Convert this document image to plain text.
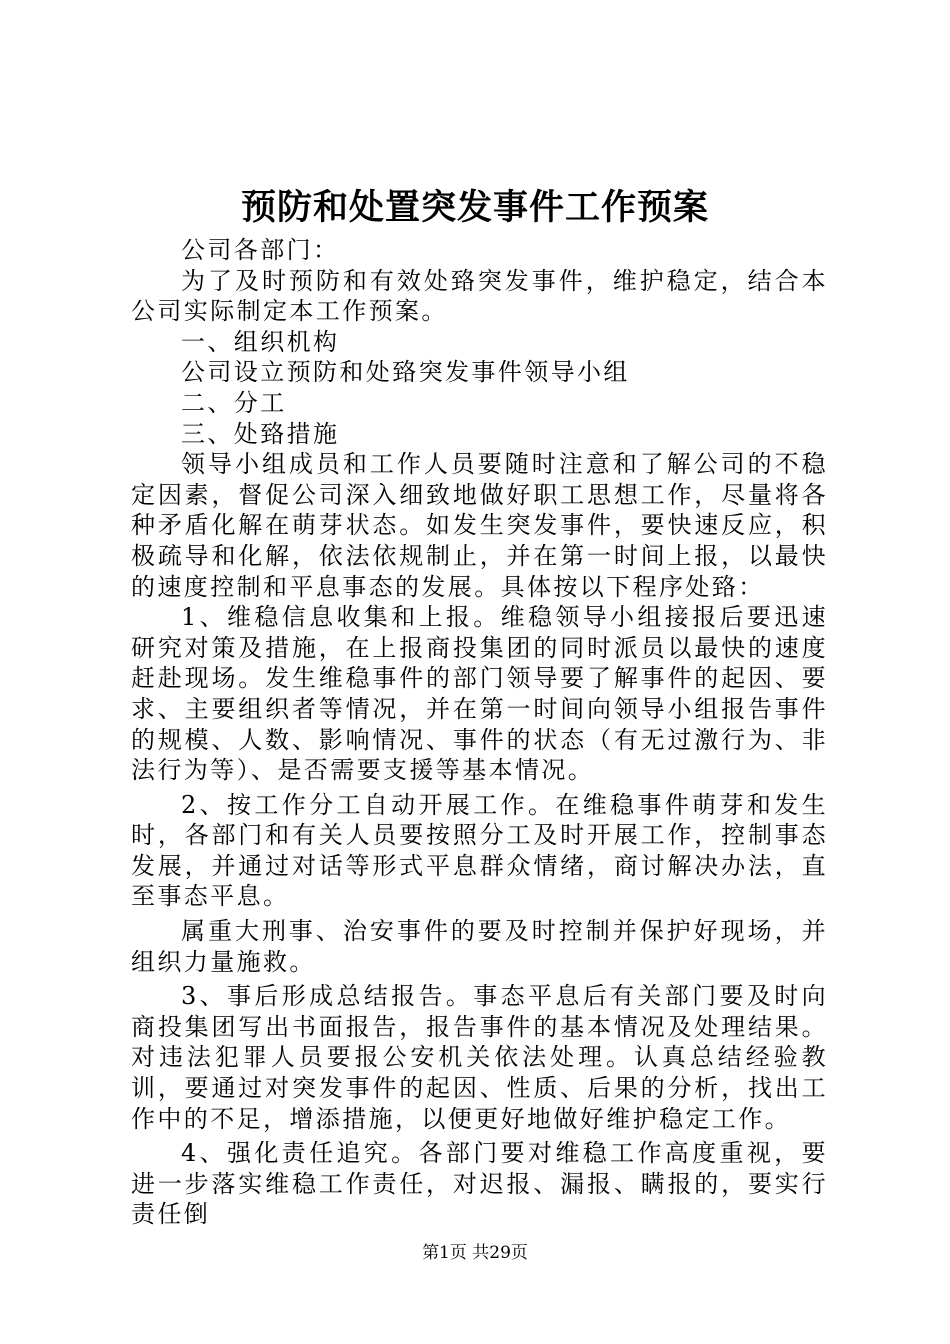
预防和处置突发事件工作预案

公司各部门：

为了及时预防和有效处臵突发事件，维护稳定，结合本公司实际制定本工作预案。

一、组织机构

公司设立预防和处臵突发事件领导小组

二、分工

三、处臵措施

领导小组成员和工作人员要随时注意和了解公司的不稳定因素，督促公司深入细致地做好职工思想工作，尽量将各种矛盾化解在萌芽状态。如发生突发事件，要快速反应，积极疏导和化解，依法依规制止，并在第一时间上报，以最快的速度控制和平息事态的发展。具体按以下程序处臵：

1、维稳信息收集和上报。维稳领导小组接报后要迅速研究对策及措施，在上报商投集团的同时派员以最快的速度赶赴现场。发生维稳事件的部门领导要了解事件的起因、要求、主要组织者等情况，并在第一时间向领导小组报告事件的规模、人数、影响情况、事件的状态（有无过激行为、非法行为等）、是否需要支援等基本情况。

2、按工作分工自动开展工作。在维稳事件萌芽和发生时，各部门和有关人员要按照分工及时开展工作，控制事态发展，并通过对话等形式平息群众情绪，商讨解决办法，直至事态平息。

属重大刑事、治安事件的要及时控制并保护好现场，并组织力量施救。

3、事后形成总结报告。事态平息后有关部门要及时向商投集团写出书面报告，报告事件的基本情况及处理结果。对违法犯罪人员要报公安机关依法处理。认真总结经验教训，要通过对突发事件的起因、性质、后果的分析，找出工作中的不足，增添措施，以便更好地做好维护稳定工作。

4、强化责任追究。各部门要对维稳工作高度重视，要进一步落实维稳工作责任，对迟报、漏报、瞒报的，要实行责任倒

第1页 共29页
